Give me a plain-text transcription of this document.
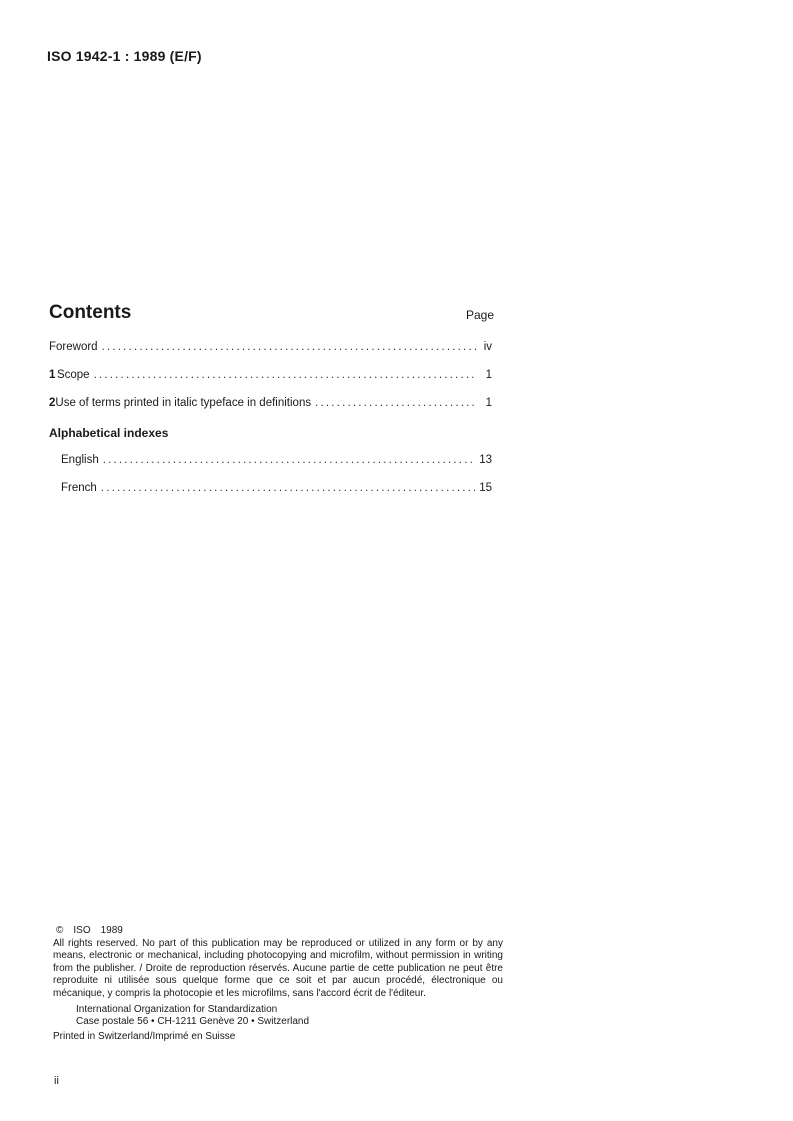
ISO 1942-1 : 1989 (E/F)
Contents	Page
Foreword .....	iv
1 Scope .....	1
2 Use of terms printed in italic typeface in definitions .....	1
Alphabetical indexes
English .....	13
French .....	15
© ISO 1989
All rights reserved. No part of this publication may be reproduced or utilized in any form or by any means, electronic or mechanical, including photocopying and microfilm, without permission in writing from the publisher. / Droite de reproduction réservés. Aucune partie de cette publication ne peut être reproduite ni utilisée sous quelque forme que ce soit et par aucun procédé, électronique ou mécanique, y compris la photocopie et les microfilms, sans l'accord écrit de l'éditeur.
International Organization for Standardization
Case postale 56 • CH-1211 Genève 20 • Switzerland
Printed in Switzerland/Imprimé en Suisse
ii
